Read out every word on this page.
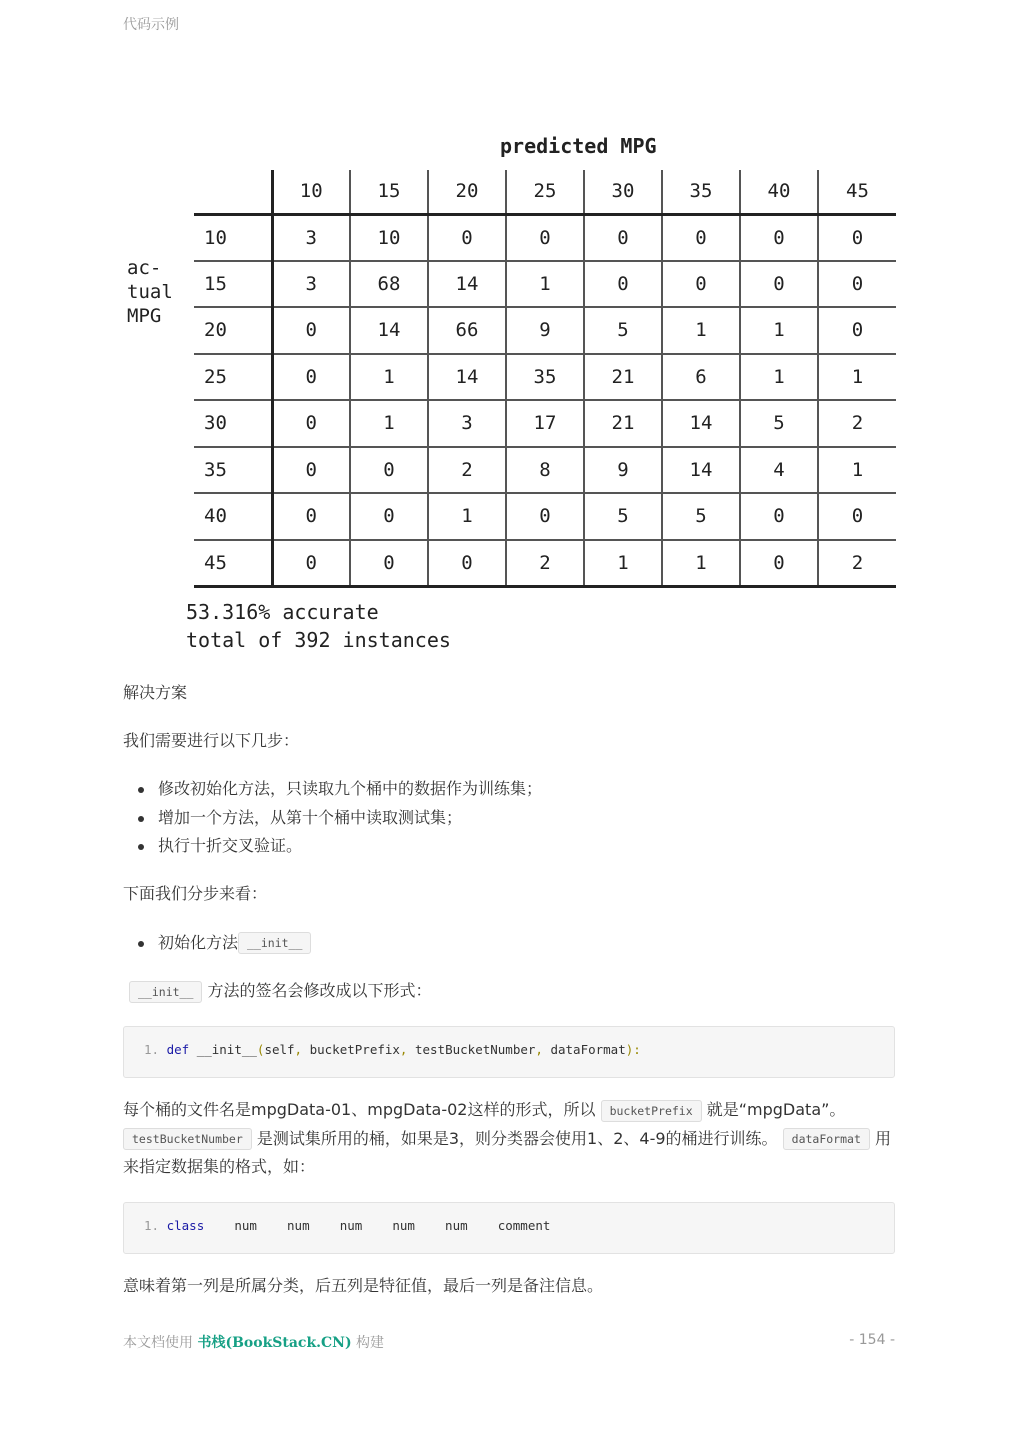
代码示例
predicted MPG
ac-
tual
MPG
	10	15	20	25	30	35	40	45
10	3	10	0	0	0	0	0	0
15	3	68	14	1	0	0	0	0
20	0	14	66	9	5	1	1	0
25	0	1	14	35	21	6	1	1
30	0	1	3	17	21	14	5	2
35	0	0	2	8	9	14	4	1
40	0	0	1	0	5	5	0	0
45	0	0	0	2	1	1	0	2
53.316% accurate
total of 392 instances
解决方案
我们需要进行以下几步：
修改初始化方法，只读取九个桶中的数据作为训练集；
增加一个方法，从第十个桶中读取测试集；
执行十折交叉验证。
下面我们分步来看：
初始化方法 __init__
__init__ 方法的签名会修改成以下形式：
1. def __init__(self, bucketPrefix, testBucketNumber, dataFormat):
每个桶的文件名是mpgData-01、mpgData-02这样的形式，所以 bucketPrefix 就是“mpgData”。 testBucketNumber 是测试集所用的桶，如果是3，则分类器会使用1、2、4-9的桶进行训练。 dataFormat 用来指定数据集的格式，如：
1. class    num    num    num    num    num    comment
意味着第一列是所属分类，后五列是特征值，最后一列是备注信息。
本文档使用 书栈(BookStack.CN) 构建	- 154 -
